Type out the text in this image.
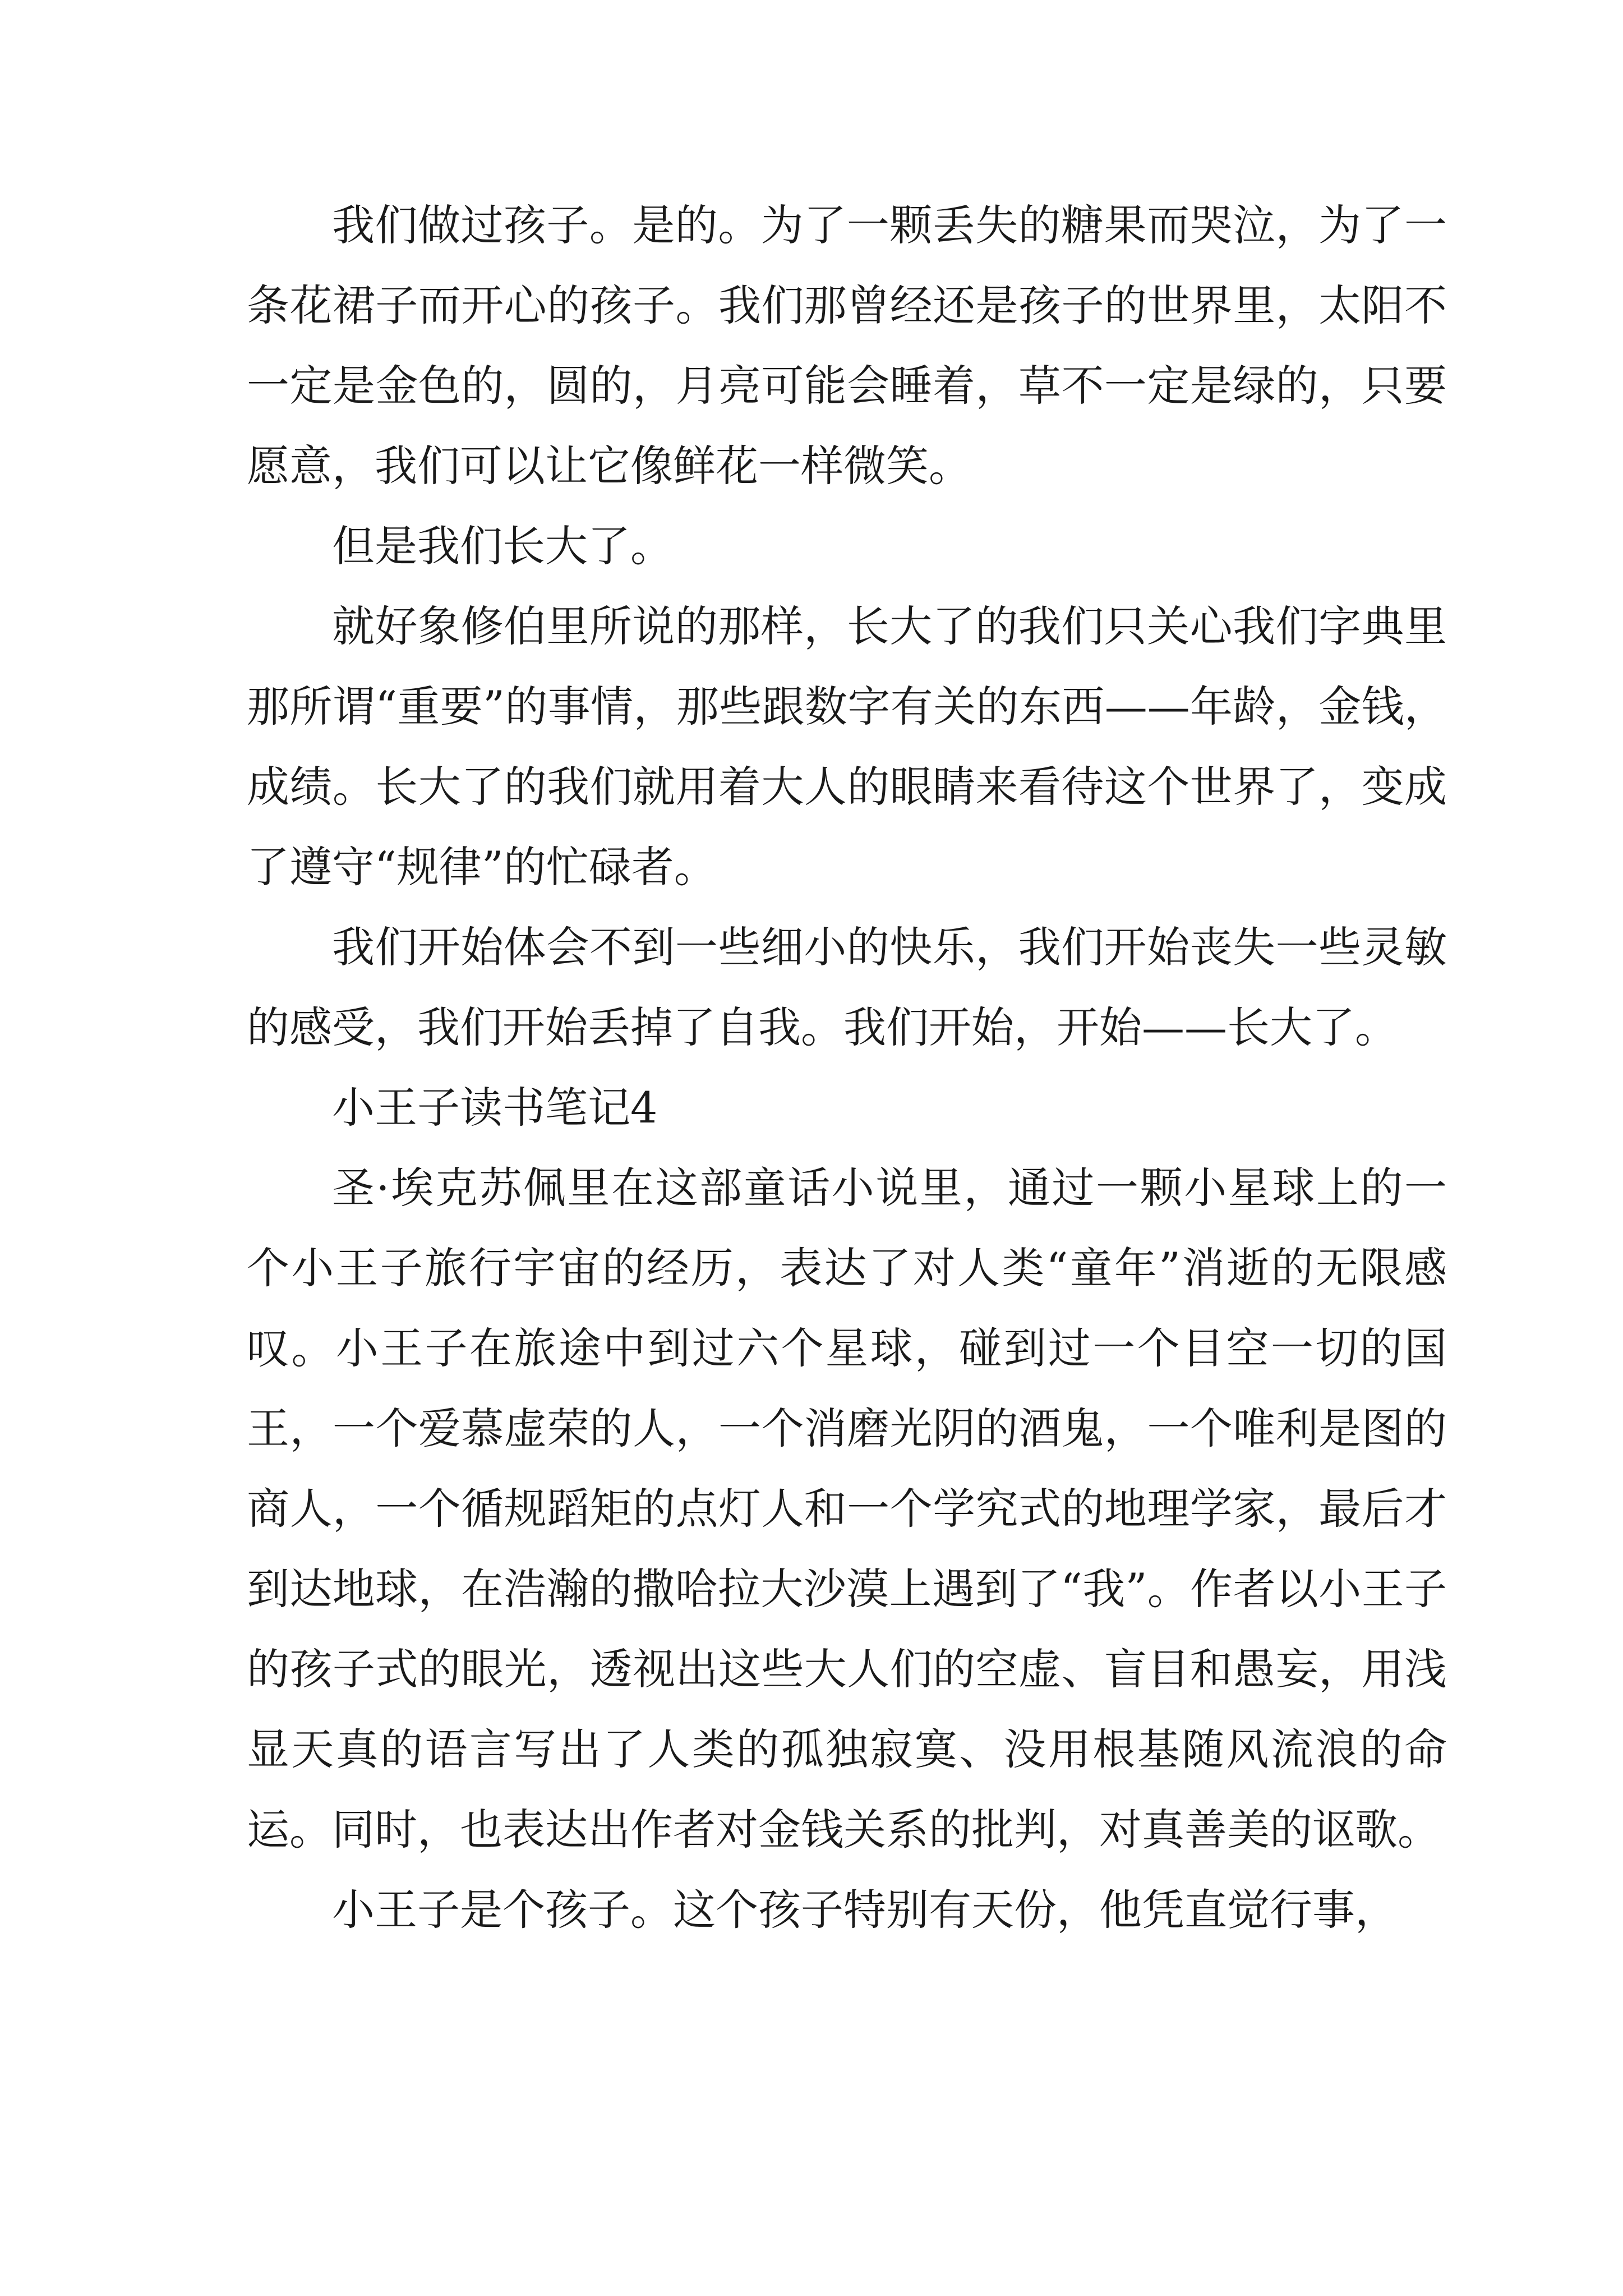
我们做过孩子。是的。为了一颗丢失的糖果而哭泣，为了一条花裙子而开心的孩子。我们那曾经还是孩子的世界里，太阳不一定是金色的，圆的，月亮可能会睡着，草不一定是绿的，只要愿意，我们可以让它像鲜花一样微笑。

但是我们长大了。

就好象修伯里所说的那样，长大了的我们只关心我们字典里那所谓“重要”的事情，那些跟数字有关的东西——年龄，金钱，成绩。长大了的我们就用着大人的眼睛来看待这个世界了，变成了遵守“规律”的忙碌者。

我们开始体会不到一些细小的快乐，我们开始丧失一些灵敏的感受，我们开始丢掉了自我。我们开始，开始——长大了。

小王子读书笔记4

圣·埃克苏佩里在这部童话小说里，通过一颗小星球上的一个小王子旅行宇宙的经历，表达了对人类“童年”消逝的无限感叹。小王子在旅途中到过六个星球，碰到过一个目空一切的国王，一个爱慕虚荣的人，一个消磨光阴的酒鬼，一个唯利是图的商人，一个循规蹈矩的点灯人和一个学究式的地理学家，最后才到达地球，在浩瀚的撒哈拉大沙漠上遇到了“我”。作者以小王子的孩子式的眼光，透视出这些大人们的空虚、盲目和愚妄，用浅显天真的语言写出了人类的孤独寂寞、没用根基随风流浪的命运。同时，也表达出作者对金钱关系的批判，对真善美的讴歌。

小王子是个孩子。这个孩子特别有天份，他凭直觉行事，
